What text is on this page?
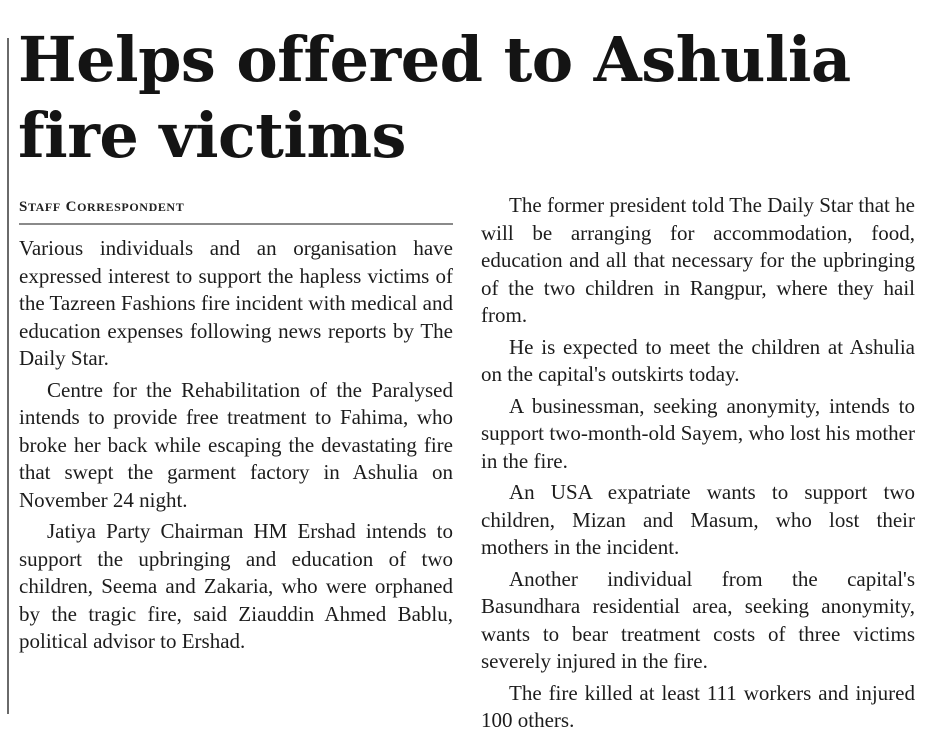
Helps offered to Ashulia
fire victims
Staff Correspondent

Various individuals and an organisation have expressed interest to support the hapless victims of the Tazreen Fashions fire incident with medical and education expenses following news reports by The Daily Star.

Centre for the Rehabilitation of the Paralysed intends to provide free treatment to Fahima, who broke her back while escaping the devastating fire that swept the garment factory in Ashulia on November 24 night.

Jatiya Party Chairman HM Ershad intends to support the upbringing and education of two children, Seema and Zakaria, who were orphaned by the tragic fire, said Ziauddin Ahmed Bablu, political advisor to Ershad.

The former president told The Daily Star that he will be arranging for accommodation, food, education and all that necessary for the upbringing of the two children in Rangpur, where they hail from.

He is expected to meet the children at Ashulia on the capital's outskirts today.

A businessman, seeking anonymity, intends to support two-month-old Sayem, who lost his mother in the fire.

An USA expatriate wants to support two children, Mizan and Masum, who lost their mothers in the incident.

Another individual from the capital's Basundhara residential area, seeking anonymity, wants to bear treatment costs of three victims severely injured in the fire.

The fire killed at least 111 workers and injured 100 others.
